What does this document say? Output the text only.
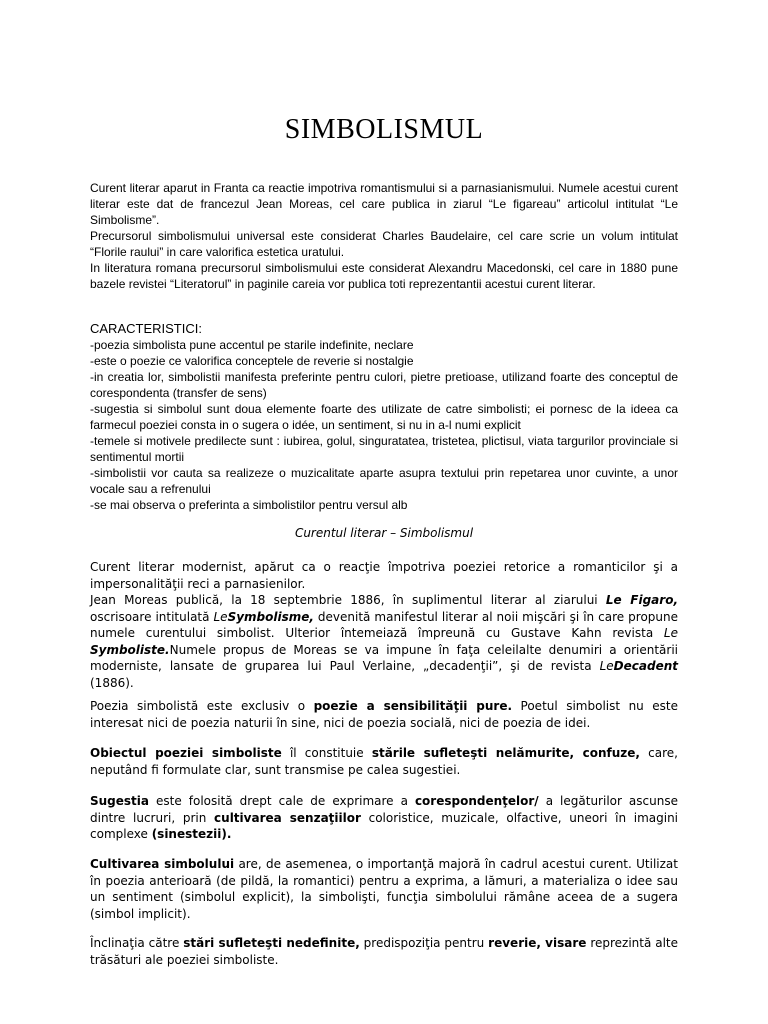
SIMBOLISMUL

Curent literar aparut in Franta ca reactie impotriva romantismului si a parnasianismului. Numele acestui curent literar este dat de francezul Jean Moreas, cel care publica in ziarul “Le figareau” articolul intitulat “Le Simbolisme”.

Precursorul simbolismului universal este considerat Charles Baudelaire, cel care scrie un volum intitulat “Florile raului” in care valorifica estetica uratului.

In literatura romana precursorul simbolismului este considerat Alexandru Macedonski, cel care in 1880 pune bazele revistei “Literatorul” in paginile careia vor publica toti reprezentantii acestui curent literar.

CARACTERISTICI:

-poezia simbolista pune accentul pe starile indefinite, neclare
-este o poezie ce valorifica conceptele de reverie si nostalgie
-in creatia lor, simbolistii manifesta preferinte pentru culori, pietre pretioase, utilizand foarte des conceptul de corespondenta (transfer de sens)
-sugestia si simbolul sunt doua elemente foarte des utilizate de catre simbolisti; ei pornesc de la ideea ca farmecul poeziei consta in o sugera o idée, un sentiment, si nu in a-l numi explicit
-temele si motivele predilecte sunt : iubirea, golul, singuratatea, tristetea, plictisul, viata targurilor provinciale si sentimentul mortii
-simbolistii vor cauta sa realizeze o muzicalitate aparte asupra textului prin repetarea unor cuvinte, a unor vocale sau a refrenului
-se mai observa o preferinta a simbolistilor pentru versul alb
Curentul literar – Simbolismul

Curent literar modernist, apărut ca o reacţie împotriva poeziei retorice a romanticilor şi a impersonalităţii reci a parnasienilor.

Jean Moreas publică, la 18 septembrie 1886, în suplimentul literar al ziarului Le Figaro, oscrisoare intitulată LeSymbolisme, devenită manifestul literar al noii mişcări şi în care propune numele curentului simbolist. Ulterior întemeiază împreună cu Gustave Kahn revista Le Symboliste.Numele propus de Moreas se va impune în faţa celeilalte denumiri a orientării moderniste, lansate de gruparea lui Paul Verlaine, „decadenţii”, şi de revista LeDecadent (1886).

Poezia simbolistă este exclusiv o poezie a sensibilităţii pure. Poetul simbolist nu este interesat nici de poezia naturii în sine, nici de poezia socială, nici de poezia de idei.

Obiectul poeziei simboliste îl constituie stările sufleteşti nelămurite, confuze, care, neputând fi formulate clar, sunt transmise pe calea sugestiei.

Sugestia este folosită drept cale de exprimare a corespondenţelor/ a legăturilor ascunse dintre lucruri, prin cultivarea senzaţiilor coloristice, muzicale, olfactive, uneori în imagini complexe (sinestezii).

Cultivarea simbolului are, de asemenea, o importanţă majoră în cadrul acestui curent. Utilizat în poezia anterioară (de pildă, la romantici) pentru a exprima, a lămuri, a materializa o idee sau un sentiment (simbolul explicit), la simbolişti, funcţia simbolului rămâne aceea de a sugera (simbol implicit).

Înclinaţia către stări sufleteşti nedefinite, predispoziţia pentru reverie, visare reprezintă alte trăsături ale poeziei simboliste.
